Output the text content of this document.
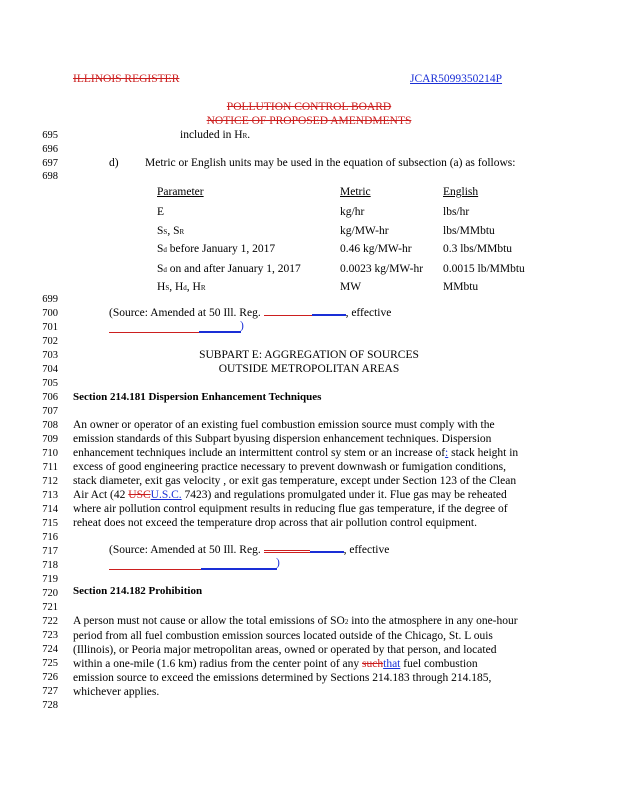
ILLINOIS REGISTER	JCAR5099350214P
POLLUTION CONTROL BOARD
NOTICE OF PROPOSED AMENDMENTS
695
696
697
698
699
700
701
702
703
704
705
706
707
708
709
710
711
712
713
714
715
716
717
718
719
720
721
722
723
724
725
726
727
728
included in HR.
d) Metric or English units may be used in the equation of subsection (a) as follows:
Parameter	Metric	English
E	kg/hr	lbs/hr
SS, SR	kg/MW-hr	lbs/MMbtu
Sd before January 1, 2017	0.46 kg/MW-hr	0.3 lbs/MMbtu
Sd on and after January 1, 2017	0.0023 kg/MW-hr 0.0015 lb/MMbtu
HS, Hd, HR	MW	MMbtu
(Source: Amended at 50 Ill. Reg.	, effective
)
SUBPART E: AGGREGATION OF SOURCES
OUTSIDE METROPOLITAN AREAS
Section 214.181 Dispersion Enhancement Techniques

An owner or operator of an existing fuel combustion emission source must comply with the

emission standards of this Subpart byusing dispersion enhancement techniques. Dispersion

enhancement techniques include an intermittent control sy stem or an increase of: stack height in

excess of good engineering practice necessary to prevent downwash or fumigation conditions,

stack diameter, exit gas velocity , or exit gas temperature, except under Section 123 of the Clean

Air Act (42 USCU.S.C. 7423) and regulations promulgated under it. Flue gas may be reheated

where air pollution control equipment results in reducing flue gas temperature, if the degree of

reheat does not exceed the temperature drop across that air pollution control equipment.

(Source: Amended at 50 Ill. Reg.	, effective
)
Section 214.182 Prohibition

A person must not cause or allow the total emissions of SO2 into the atmosphere in any one-hour

period from all fuel combustion emission sources located outside of the Chicago, St. L ouis

(Illinois), or Peoria major metropolitan areas, owned or operated by that person, and located

within a one-mile (1.6 km) radius from the center point of any suchthat fuel combustion

emission source to exceed the emissions determined by Sections 214.183 through 214.185,

whichever applies.
